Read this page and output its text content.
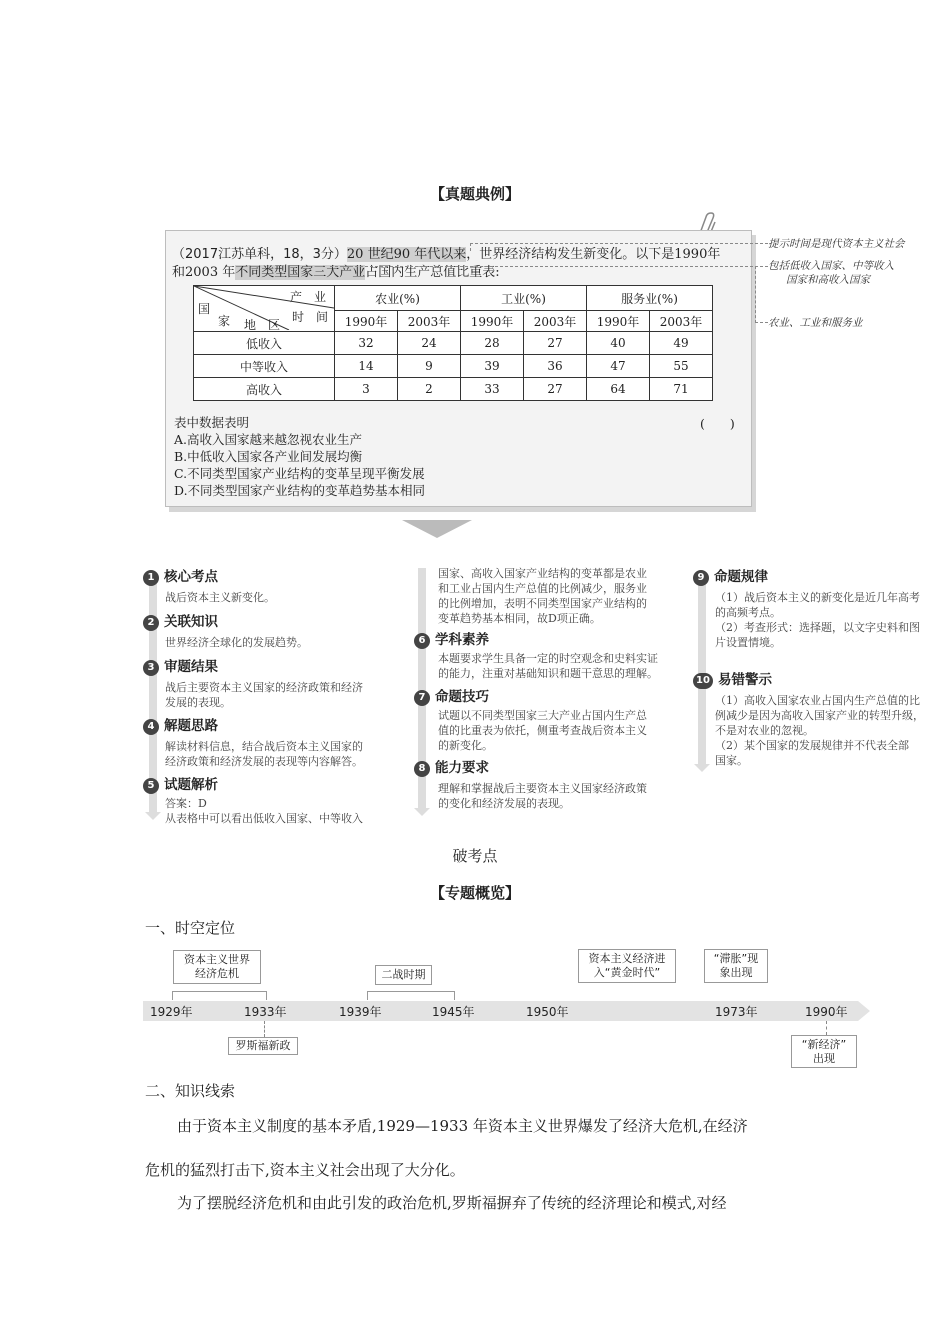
【真题典例】
（2017江苏单科，18，3分）20 世纪90 年代以来，世界经济结构发生新变化。以下是1990年
和2003 年不同类型国家三大产业占国内生产总值比重表:
产　业
时　间
国
家 地　区	农业(%)		工业(%)		服务业(%)	
	1990年	2003年	1990年	2003年	1990年	2003年
低收入	32	24	28	27	40	49
中等收入	14	9	39	36	47	55
高收入	3	2	33	27	64	71
表中数据表明
A.高收入国家越来越忽视农业生产
B.中低收入国家各产业间发展均衡
C.不同类型国家产业结构的变革呈现平衡发展
D.不同类型国家产业结构的变革趋势基本相同
(　　)
提示时间是现代资本主义社会
包括低收入国家、中等收入
国家和高收入国家
农业、工业和服务业
1 核心考点
战后资本主义新变化。
2 关联知识
世界经济全球化的发展趋势。
3 审题结果
战后主要资本主义国家的经济政策和经济
发展的表现。
4 解题思路
解读材料信息，结合战后资本主义国家的
经济政策和经济发展的表现等内容解答。
5 试题解析
答案：D
从表格中可以看出低收入国家、中等收入
国家、高收入国家产业结构的变革都是农业
和工业占国内生产总值的比例减少，服务业
的比例增加，表明不同类型国家产业结构的
变革趋势基本相同，故D项正确。
6 学科素养
本题要求学生具备一定的时空观念和史料实证
的能力，注重对基础知识和题干意思的理解。
7 命题技巧
试题以不同类型国家三大产业占国内生产总
值的比重表为依托，侧重考查战后资本主义
的新变化。
8 能力要求
理解和掌握战后主要资本主义国家经济政策
的变化和经济发展的表现。
9 命题规律
（1）战后资本主义的新变化是近几年高考
的高频考点。
（2）考查形式：选择题，以文字史料和图
片设置情境。
10 易错警示
（1）高收入国家农业占国内生产总值的比
例减少是因为高收入国家产业的转型升级，
不是对农业的忽视。
（2）某个国家的发展规律并不代表全部
国家。
破考点
【专题概览】
一、时空定位
资本主义世界
经济危机	二战时期
资本主义经济进
入“黄金时代”
“滞胀”现
象出现
1929年	1933年	1939年	1945年	1950年	1973年	1990年
罗斯福新政	“新经济”
出现
二、知识线索
由于资本主义制度的基本矛盾,1929—1933 年资本主义世界爆发了经济大危机,在经济
危机的猛烈打击下,资本主义社会出现了大分化。
为了摆脱经济危机和由此引发的政治危机,罗斯福摒弃了传统的经济理论和模式,对经
